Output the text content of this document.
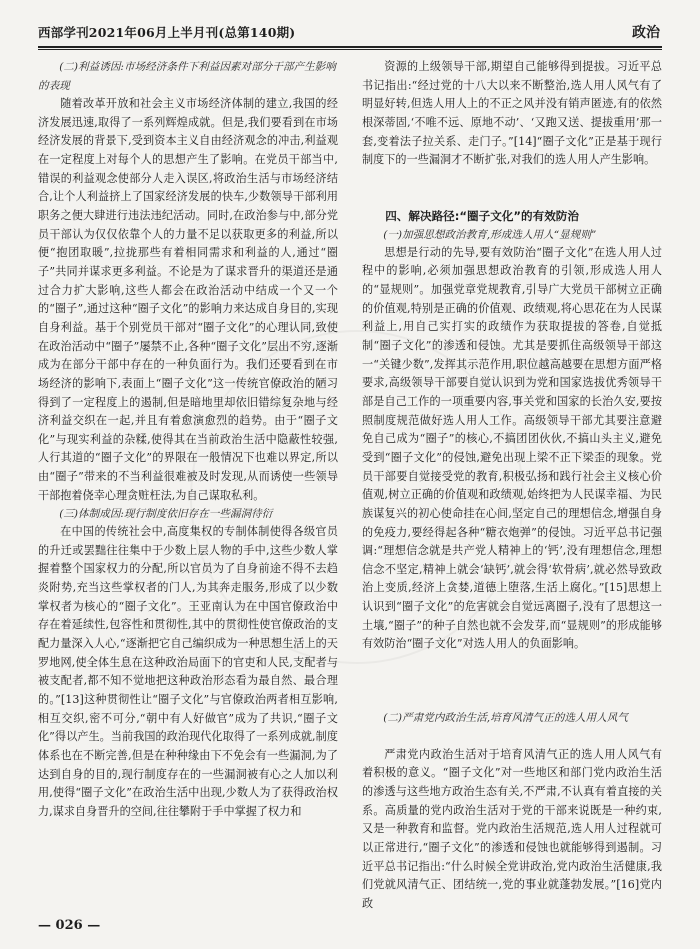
西部学刊2021年06月上半月刊(总第140期)	政治

(二)利益诱因:市场经济条件下利益因素对部分干部产生影响的表现

随着改革开放和社会主义市场经济体制的建立,我国的经济发展迅速,取得了一系列辉煌成就。但是,我们要看到在市场经济发展的背景下,受到资本主义自由经济观念的冲击,利益观在一定程度上对每个人的思想产生了影响。在党员干部当中,错误的利益观念使部分人走入误区,将政治生活与市场经济结合,让个人利益挤上了国家经济发展的快车,少数领导干部利用职务之便大肆进行违法违纪活动。同时,在政治参与中,部分党员干部认为仅仅依靠个人的力量不足以获取更多的利益,所以便“抱团取暖”,拉拢那些有着相同需求和利益的人,通过“圈子”共同并谋求更多利益。不论是为了谋求晋升的渠道还是通过合力扩大影响,这些人都会在政治活动中结成一个又一个的“圈子”,通过这种“圈子文化”的影响力来达成自身目的,实现自身利益。基于个别党员干部对“圈子文化”的心理认同,致使在政治活动中“圈子”屡禁不止,各种“圈子文化”层出不穷,逐渐成为在部分干部中存在的一种负面行为。我们还要看到在市场经济的影响下,表面上“圈子文化”这一传统官僚政治的陋习得到了一定程度上的遏制,但是暗地里却依旧错综复杂地与经济利益交织在一起,并且有着愈演愈烈的趋势。由于“圈子文化”与现实利益的杂糅,使得其在当前政治生活中隐蔽性较强,人行其道的“圈子文化”的界限在一般情况下也难以界定,所以由“圈子”带来的不当利益很难被及时发现,从而诱使一些领导干部抱着侥幸心理贪赃枉法,为自己谋取私利。

(三)体制成因:现行制度依旧存在一些漏洞待衍

在中国的传统社会中,高度集权的专制体制使得各级官员的升迁或罢黜往往集中于少数上层人物的手中,这些少数人掌握着整个国家权力的分配,所以官员为了自身前途不得不去趋炎附势,充当这些掌权者的门人,为其奔走服务,形成了以少数掌权者为核心的“圈子文化”。王亚南认为在中国官僚政治中存在着延续性,包容性和贯彻性,其中的贯彻性使官僚政治的支配力量深入人心,“逐渐把它自己编织成为一种思想生活上的天罗地网,使全体生息在这种政治局面下的官吏和人民,支配者与被支配者,都不知不觉地把这种政治形态看为最自然、最合理的。”[13]这种贯彻性让“圈子文化”与官僚政治两者相互影响,相互交织,密不可分,“朝中有人好做官”成为了共识,“圈子文化”得以产生。当前我国的政治现代化取得了一系列成就,制度体系也在不断完善,但是在种种缘由下不免会有一些漏洞,为了达到自身的目的,现行制度存在的一些漏洞被有心之人加以利用,使得“圈子文化”在政治生活中出现,少数人为了获得政治权力,谋求自身晋升的空间,往往攀附于手中掌握了权力和

资源的上级领导干部,期望自己能够得到提拔。习近平总书记指出:“经过党的十八大以来不断整治,选人用人风气有了明显好转,但选人用人上的不正之风并没有销声匿迹,有的依然根深蒂固,‘不唯不远、原地不动’、‘又跑又送、提拔重用’那一套,变着法子拉关系、走门子。”[14]“圈子文化”正是基于现行制度下的一些漏洞才不断扩张,对我们的选人用人产生影响。

四、解决路径:“圈子文化”的有效防治

(一)加强思想政治教育,形成选人用人“显规则”

思想是行动的先导,要有效防治“圈子文化”在选人用人过程中的影响,必须加强思想政治教育的引领,形成选人用人的“显规则”。加强党章党规教育,引导广大党员干部树立正确的价值观,特别是正确的价值观、政绩观,将心思花在为人民谋利益上,用自己实打实的政绩作为获取提拔的答卷,自觉抵制“圈子文化”的渗透和侵蚀。尤其是要抓住高级领导干部这一“关键少数”,发挥其示范作用,职位越高越要在思想方面严格要求,高级领导干部要自觉认识到为党和国家选拔优秀领导干部是自己工作的一项重要内容,事关党和国家的长治久安,要按照制度规范做好选人用人工作。高级领导干部尤其要注意避免自己成为“圈子”的核心,不搞团团伙伙,不搞山头主义,避免受到“圈子文化”的侵蚀,避免出现上梁不正下梁歪的现象。党员干部要自觉接受党的教育,积极弘扬和践行社会主义核心价值观,树立正确的价值观和政绩观,始终把为人民谋幸福、为民族谋复兴的初心使命挂在心间,坚定自己的理想信念,增强自身的免疫力,要经得起各种“糖衣炮弹”的侵蚀。习近平总书记强调:“理想信念就是共产党人精神上的‘钙’,没有理想信念,理想信念不坚定,精神上就会‘缺钙’,就会得‘软骨病’,就必然导致政治上变质,经济上贪婪,道德上堕落,生活上腐化。”[15]思想上认识到“圈子文化”的危害就会自觉远离圈子,没有了思想这一土壤,“圈子”的种子自然也就不会发芽,而“显规则”的形成能够有效防治“圈子文化”对选人用人的负面影响。

(二)严肃党内政治生活,培育风清气正的选人用人风气

严肃党内政治生活对于培育风清气正的选人用人风气有着积极的意义。“圈子文化”对一些地区和部门党内政治生活的渗透与这些地方政治生态有关,不严肃,不认真有着直接的关系。高质量的党内政治生活对于党的干部来说既是一种约束,又是一种教育和监督。党内政治生活规范,选人用人过程就可以正常进行,“圈子文化”的渗透和侵蚀也就能够得到遏制。习近平总书记指出:“什么时候全党讲政治,党内政治生活健康,我们党就风清气正、团结统一,党的事业就蓬勃发展。”[16]党内政

— 026 —
